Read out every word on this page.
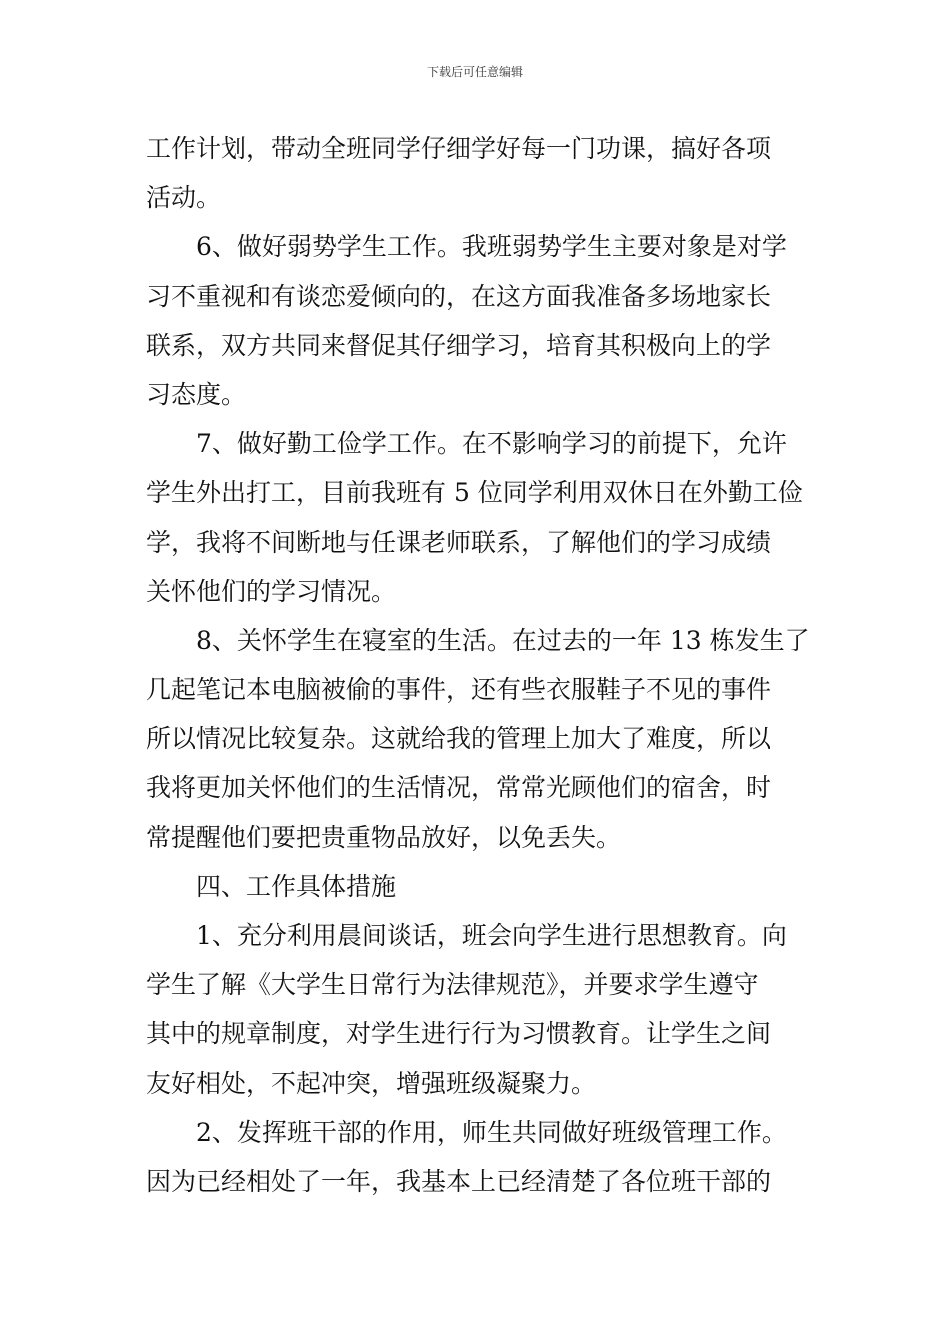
下载后可任意编辑
工作计划，带动全班同学仔细学好每一门功课，搞好各项
活动。
6、做好弱势学生工作。我班弱势学生主要对象是对学
习不重视和有谈恋爱倾向的，在这方面我准备多场地家长
联系，双方共同来督促其仔细学习，培育其积极向上的学
习态度。
7、做好勤工俭学工作。在不影响学习的前提下，允许
学生外出打工，目前我班有 5 位同学利用双休日在外勤工俭
学，我将不间断地与任课老师联系，了解他们的学习成绩
关怀他们的学习情况。
8、关怀学生在寝室的生活。在过去的一年 13 栋发生了
几起笔记本电脑被偷的事件，还有些衣服鞋子不见的事件
所以情况比较复杂。这就给我的管理上加大了难度，所以
我将更加关怀他们的生活情况，常常光顾他们的宿舍，时
常提醒他们要把贵重物品放好，以免丢失。
四、工作具体措施
1、充分利用晨间谈话，班会向学生进行思想教育。向
学生了解《大学生日常行为法律规范》，并要求学生遵守
其中的规章制度，对学生进行行为习惯教育。让学生之间
友好相处，不起冲突，增强班级凝聚力。
2、发挥班干部的作用，师生共同做好班级管理工作。
因为已经相处了一年，我基本上已经清楚了各位班干部的
